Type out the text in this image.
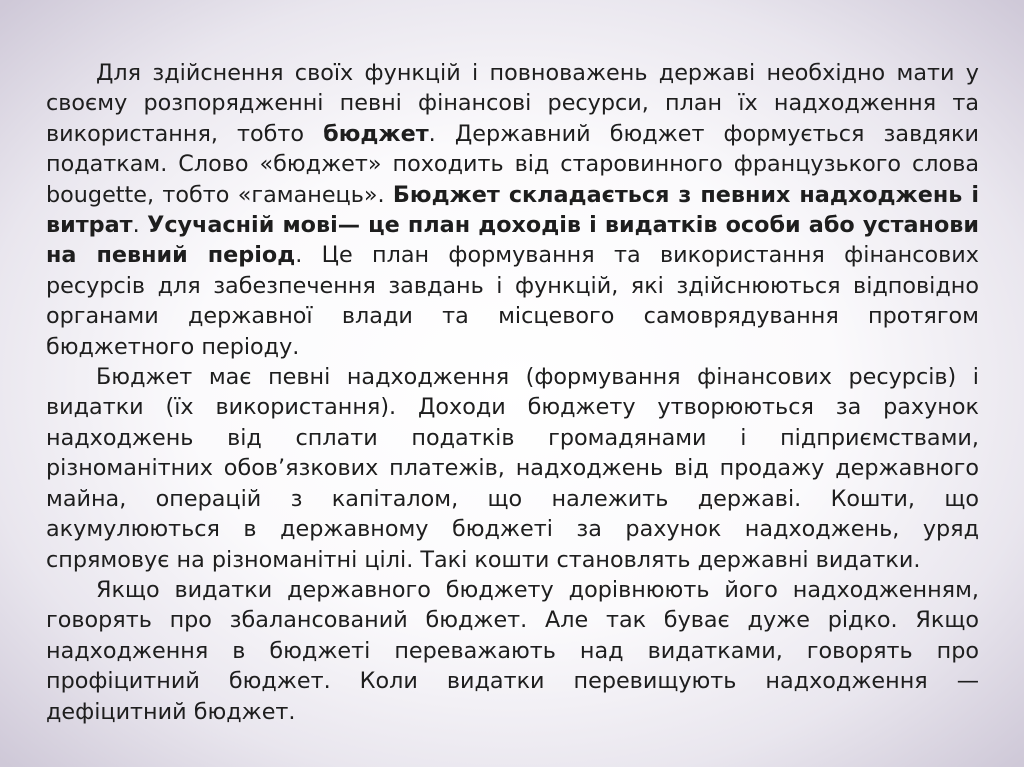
Для здійснення своїх функцій і повноважень державі необхідно мати у своєму розпорядженні певні фінансові ресурси, план їх надходження та використання, тобто бюджет. Державний бюджет формується завдяки податкам. Слово «бюджет» походить від старовинного французького слова bougette, тобто «гаманець». Бюджет складається з певних надходжень і витрат. Усучасній мові— це план доходів і видатків особи або установи на певний період. Це план формування та використання фінансових ресурсів для забезпечення завдань і функцій, які здійснюються відповідно органами державної влади та місцевого самоврядування протягом бюджетного періоду.

Бюджет має певні надходження (формування фінансових ресурсів) і видатки (їх використання). Доходи бюджету утворюються за рахунок надходжень від сплати податків громадянами і підприємствами, різноманітних обов’язкових платежів, надходжень від продажу державного майна, операцій з капіталом, що належить державі. Кошти, що акумулюються в державному бюджеті за рахунок надходжень, уряд спрямовує на різноманітні цілі. Такі кошти становлять державні видатки.

Якщо видатки державного бюджету дорівнюють його надходженням, говорять про збалансований бюджет. Але так буває дуже рідко. Якщо надходження в бюджеті переважають над видатками, говорять про профіцитний бюджет. Коли видатки перевищують надходження —дефіцитний бюджет.
